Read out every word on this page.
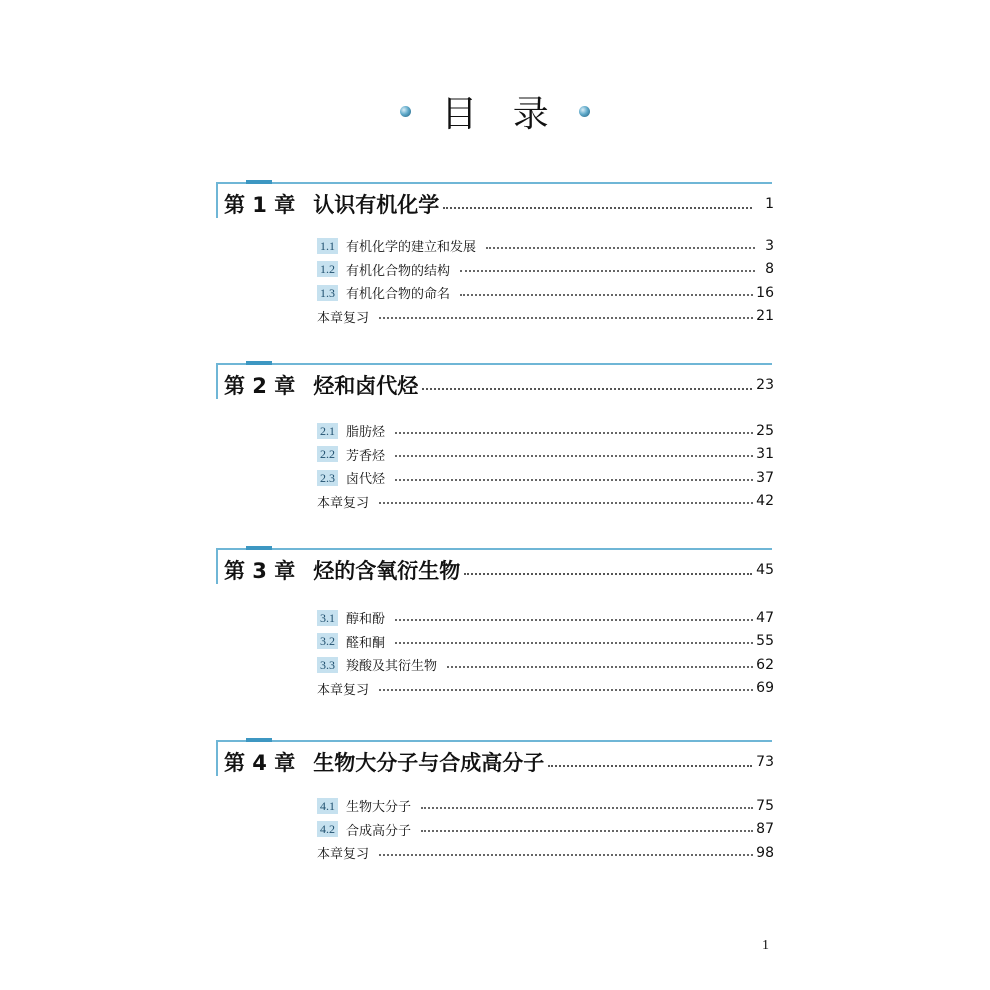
目 录
第 1 章 认识有机化学	1
1.1 有机化学的建立和发展	3
1.2 有机化合物的结构	8
1.3 有机化合物的命名	16
本章复习	21
第 2 章 烃和卤代烃	23
2.1 脂肪烃	25
2.2 芳香烃	31
2.3 卤代烃	37
本章复习	42
第 3 章 烃的含氧衍生物	45
3.1 醇和酚	47
3.2 醛和酮	55
3.3 羧酸及其衍生物	62
本章复习	69
第 4 章 生物大分子与合成高分子	73
4.1 生物大分子	75
4.2 合成高分子	87
本章复习	98
1
